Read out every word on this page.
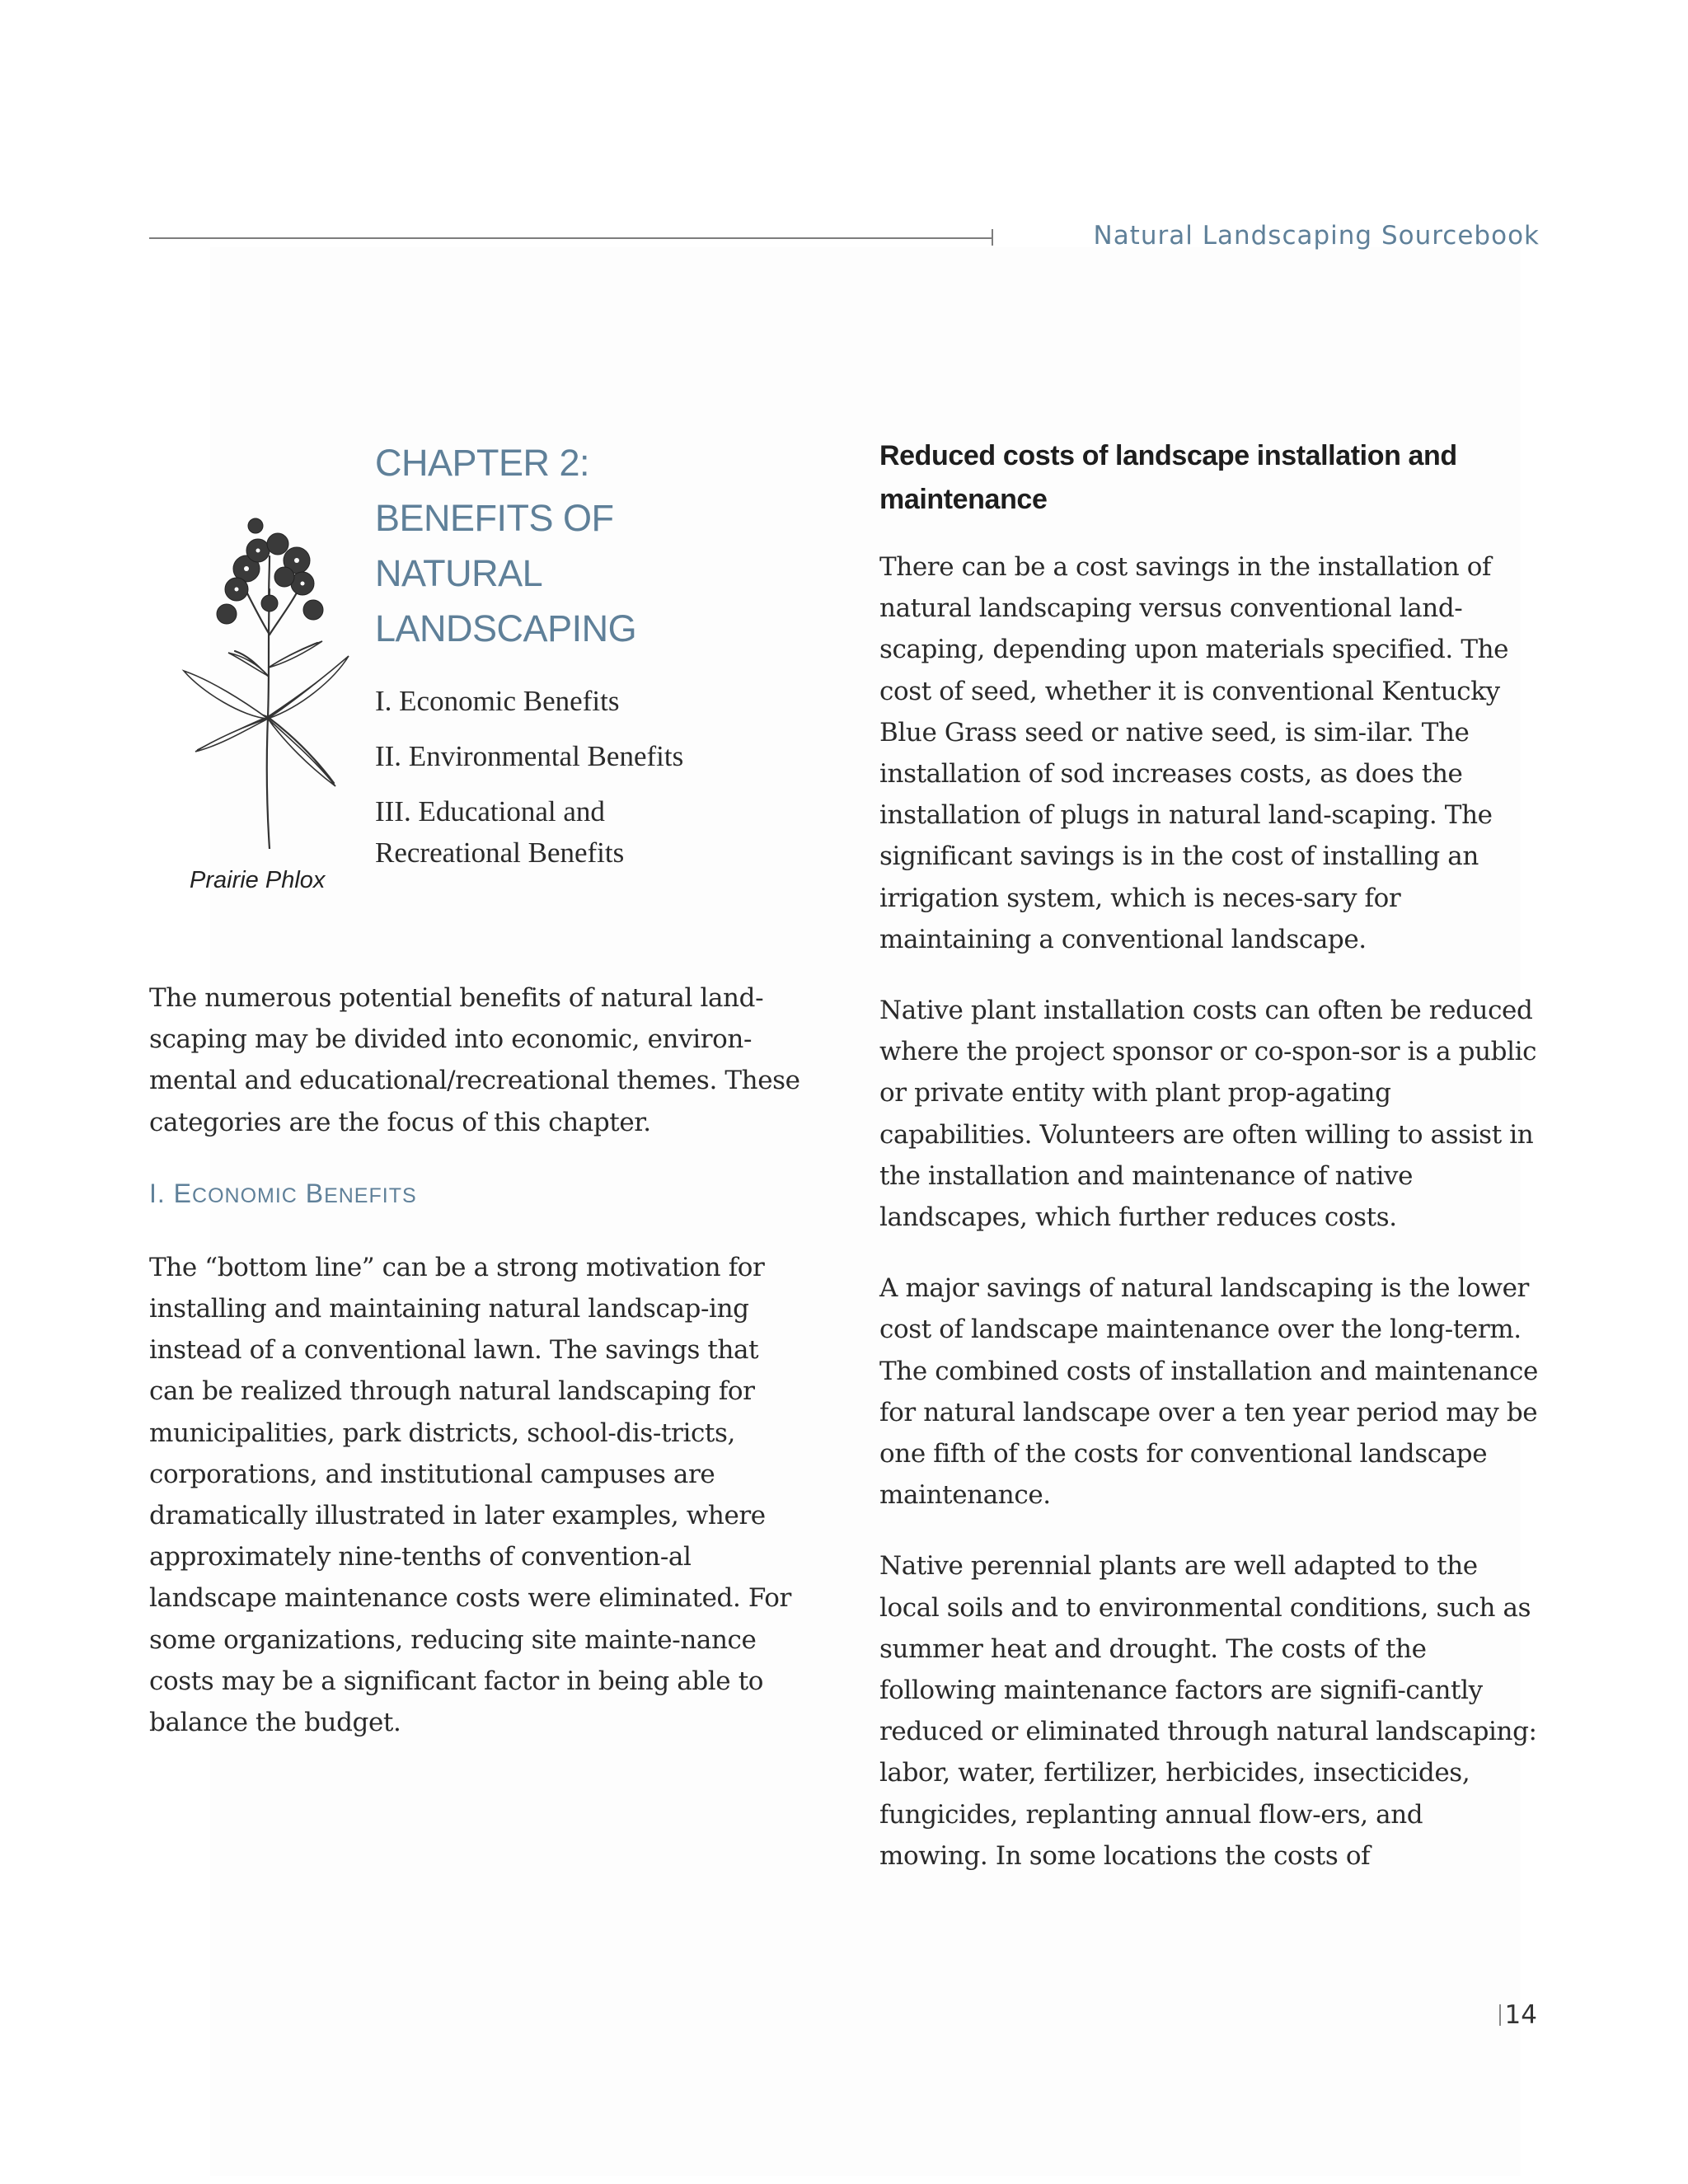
Natural Landscaping Sourcebook
Prairie Phlox
CHAPTER 2:
BENEFITS OF
NATURAL
LANDSCAPING
I. Economic Benefits
II. Environmental Benefits
III. Educational and
Recreational Benefits

The numerous potential benefits of natural land-scaping may be divided into economic, environ-mental and educational/recreational themes. These categories are the focus of this chapter.

I. ECONOMIC BENEFITS

The “bottom line” can be a strong motivation for installing and maintaining natural landscap-ing instead of a conventional lawn. The savings that can be realized through natural landscaping for municipalities, park districts, school-dis-tricts, corporations, and institutional campuses are dramatically illustrated in later examples, where approximately nine-tenths of convention-al landscape maintenance costs were eliminated. For some organizations, reducing site mainte-nance costs may be a significant factor in being able to balance the budget.

Reduced costs of landscape installation and maintenance

There can be a cost savings in the installation of natural landscaping versus conventional land-scaping, depending upon materials specified. The cost of seed, whether it is conventional Kentucky Blue Grass seed or native seed, is sim-ilar. The installation of sod increases costs, as does the installation of plugs in natural land-scaping. The significant savings is in the cost of installing an irrigation system, which is neces-sary for maintaining a conventional landscape.

Native plant installation costs can often be reduced where the project sponsor or co-spon-sor is a public or private entity with plant prop-agating capabilities. Volunteers are often willing to assist in the installation and maintenance of native landscapes, which further reduces costs.

A major savings of natural landscaping is the lower cost of landscape maintenance over the long-term. The combined costs of installation and maintenance for natural landscape over a ten year period may be one fifth of the costs for conventional landscape maintenance.

Native perennial plants are well adapted to the local soils and to environmental conditions, such as summer heat and drought. The costs of the following maintenance factors are signifi-cantly reduced or eliminated through natural landscaping: labor, water, fertilizer, herbicides, insecticides, fungicides, replanting annual flow-ers, and mowing. In some locations the costs of

14
